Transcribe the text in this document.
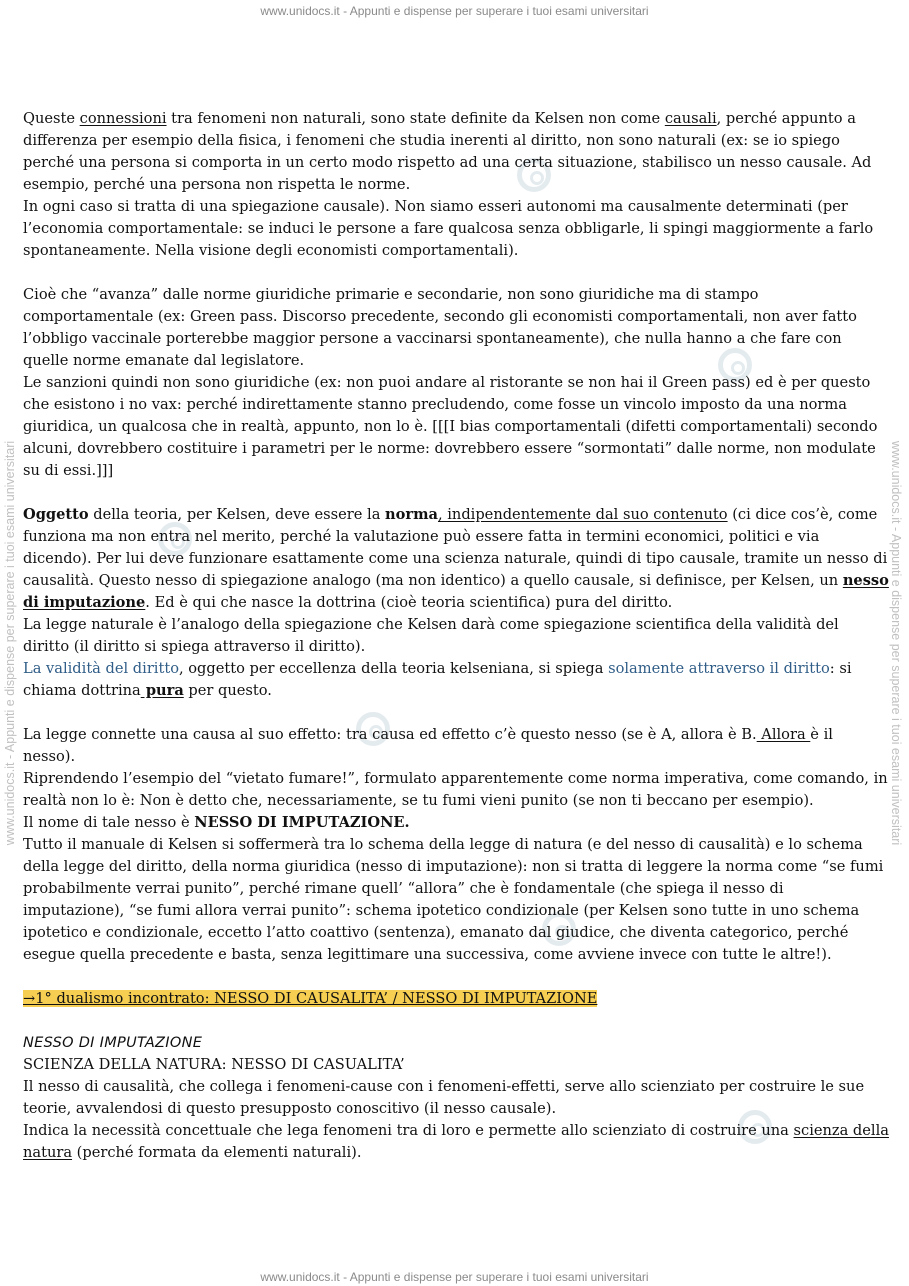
www.unidocs.it - Appunti e dispense per superare i tuoi esami universitari
www.unidocs.it - Appunti e dispense per superare i tuoi esami universitari
www.unidocs.it - Appunti e dispense per superare i tuoi esami universitari	www.unidocs.it - Appunti e dispense per superare i tuoi esami universitari

Queste connessioni tra fenomeni non naturali, sono state definite da Kelsen non come causali, perché appunto a differenza per esempio della fisica, i fenomeni che studia inerenti al diritto, non sono naturali (ex: se io spiego perché una persona si comporta in un certo modo rispetto ad una certa situazione, stabilisco un nesso causale. Ad esempio, perché una persona non rispetta le norme.

In ogni caso si tratta di una spiegazione causale). Non siamo esseri autonomi ma causalmente determinati (per l’economia comportamentale: se induci le persone a fare qualcosa senza obbligarle, li spingi maggiormente a farlo spontaneamente. Nella visione degli economisti comportamentali).

Cioè che “avanza” dalle norme giuridiche primarie e secondarie, non sono giuridiche ma di stampo comportamentale (ex: Green pass. Discorso precedente, secondo gli economisti comportamentali, non aver fatto l’obbligo vaccinale porterebbe maggior persone a vaccinarsi spontaneamente), che nulla hanno a che fare con quelle norme emanate dal legislatore.

Le sanzioni quindi non sono giuridiche (ex: non puoi andare al ristorante se non hai il Green pass) ed è per questo che esistono i no vax: perché indirettamente stanno precludendo, come fosse un vincolo imposto da una norma giuridica, un qualcosa che in realtà, appunto, non lo è. [[[I bias comportamentali (difetti comportamentali) secondo alcuni, dovrebbero costituire i parametri per le norme: dovrebbero essere “sormontati” dalle norme, non modulate su di essi.]]]

Oggetto della teoria, per Kelsen, deve essere la norma, indipendentemente dal suo contenuto (ci dice cos’è, come funziona ma non entra nel merito, perché la valutazione può essere fatta in termini economici, politici e via dicendo). Per lui deve funzionare esattamente come una scienza naturale, quindi di tipo causale, tramite un nesso di causalità. Questo nesso di spiegazione analogo (ma non identico) a quello causale, si definisce, per Kelsen, un nesso di imputazione. Ed è qui che nasce la dottrina (cioè teoria scientifica) pura del diritto.

La legge naturale è l’analogo della spiegazione che Kelsen darà come spiegazione scientifica della validità del diritto (il diritto si spiega attraverso il diritto).

La validità del diritto, oggetto per eccellenza della teoria kelseniana, si spiega solamente attraverso il diritto: si chiama dottrina pura per questo.

La legge connette una causa al suo effetto: tra causa ed effetto c’è questo nesso (se è A, allora è B. Allora è il nesso).

Riprendendo l’esempio del “vietato fumare!”, formulato apparentemente come norma imperativa, come comando, in realtà non lo è: Non è detto che, necessariamente, se tu fumi vieni punito (se non ti beccano per esempio).

Il nome di tale nesso è NESSO DI IMPUTAZIONE.

Tutto il manuale di Kelsen si soffermerà tra lo schema della legge di natura (e del nesso di causalità) e lo schema della legge del diritto, della norma giuridica (nesso di imputazione): non si tratta di leggere la norma come “se fumi probabilmente verrai punito”, perché rimane quell’ “allora” che è fondamentale (che spiega il nesso di imputazione), “se fumi allora verrai punito”: schema ipotetico condizionale (per Kelsen sono tutte in uno schema ipotetico e condizionale, eccetto l’atto coattivo (sentenza), emanato dal giudice, che diventa categorico, perché esegue quella precedente e basta, senza legittimare una successiva, come avviene invece con tutte le altre!).

→1° dualismo incontrato: NESSO DI CAUSALITA’ / NESSO DI IMPUTAZIONE

NESSO DI IMPUTAZIONE

SCIENZA DELLA NATURA: NESSO DI CASUALITA’

Il nesso di causalità, che collega i fenomeni-cause con i fenomeni-effetti, serve allo scienziato per costruire le sue teorie, avvalendosi di questo presupposto conoscitivo (il nesso causale).

Indica la necessità concettuale che lega fenomeni tra di loro e permette allo scienziato di costruire una scienza della natura (perché formata da elementi naturali).
